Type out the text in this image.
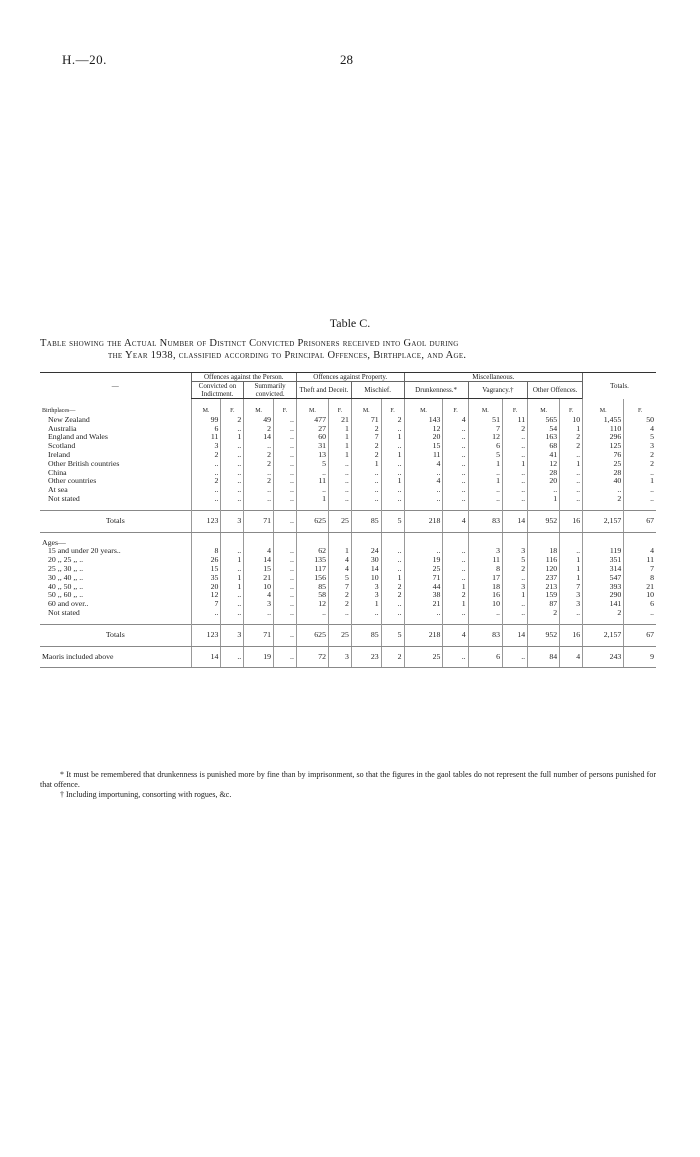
H.—20.	28
Table C.
Table showing the Actual Number of Distinct Convicted Prisoners received into Gaol during
the Year 1938, classified according to Principal Offences, Birthplace, and Age.
—	Offences against the Person.				Offences against Property.				Miscellaneous.						Totals.	
	Convicted on Indictment.		Summarily convicted.		Theft and Deceit.		Mischief.		Drunkenness.*		Vagrancy.†		Other Offences.			
Birthplaces—	M.	F.	M.	F.	M.	F.	M.	F.	M.	F.	M.	F.	M.	F.	M.	F.
New Zealand	99	2	49	..	477	21	71	2	143	4	51	11	565	10	1,455	50
Australia	6	..	2	..	27	1	2	..	12	..	7	2	54	1	110	4
England and Wales	11	1	14	..	60	1	7	1	20	..	12	..	163	2	296	5
Scotland	3	..	..	..	31	1	2	..	15	..	6	..	68	2	125	3
Ireland	2	..	2	..	13	1	2	1	11	..	5	..	41	..	76	2
Other British countries	..	..	2	..	5	..	1	..	4	..	1	1	12	1	25	2
China	..	..	..	..	..	..	..	..	..	..	..	..	28	..	28	..
Other countries	2	..	2	..	11	..	..	1	4	..	1	..	20	..	40	1
At sea	..	..	..	..	..	..	..	..	..	..	..	..	..	..	..	..
Not stated	..	..	..	..	1	..	..	..	..	..	..	..	1	..	2	..

Totals	123	3	71	..	625	25	85	5	218	4	83	14	952	16	2,157	67

Ages—																
15 and under 20 years..	8	..	4	..	62	1	24	..	..	..	3	3	18	..	119	4
20 ,, 25 ,, ..	26	1	14	..	135	4	30	..	19	..	11	5	116	1	351	11
25 ,, 30 ,, ..	15	..	15	..	117	4	14	..	25	..	8	2	120	1	314	7
30 ,, 40 ,, ..	35	1	21	..	156	5	10	1	71	..	17	..	237	1	547	8
40 ,, 50 ,, ..	20	1	10	..	85	7	3	2	44	1	18	3	213	7	393	21
50 ,, 60 ,, ..	12	..	4	..	58	2	3	2	38	2	16	1	159	3	290	10
60 and over..	7	..	3	..	12	2	1	..	21	1	10	..	87	3	141	6
Not stated	..	..	..	..	..	..	..	..	..	..	..	..	2	..	2	..

Totals	123	3	71	..	625	25	85	5	218	4	83	14	952	16	2,157	67
Maoris included above	14	..	19	..	72	3	23	2	25	..	6	..	84	4	243	9
* It must be remembered that drunkenness is punished more by fine than by imprisonment, so that the figures in the gaol tables do not represent the full number of persons punished for that offence.
† Including importuning, consorting with rogues, &c.
